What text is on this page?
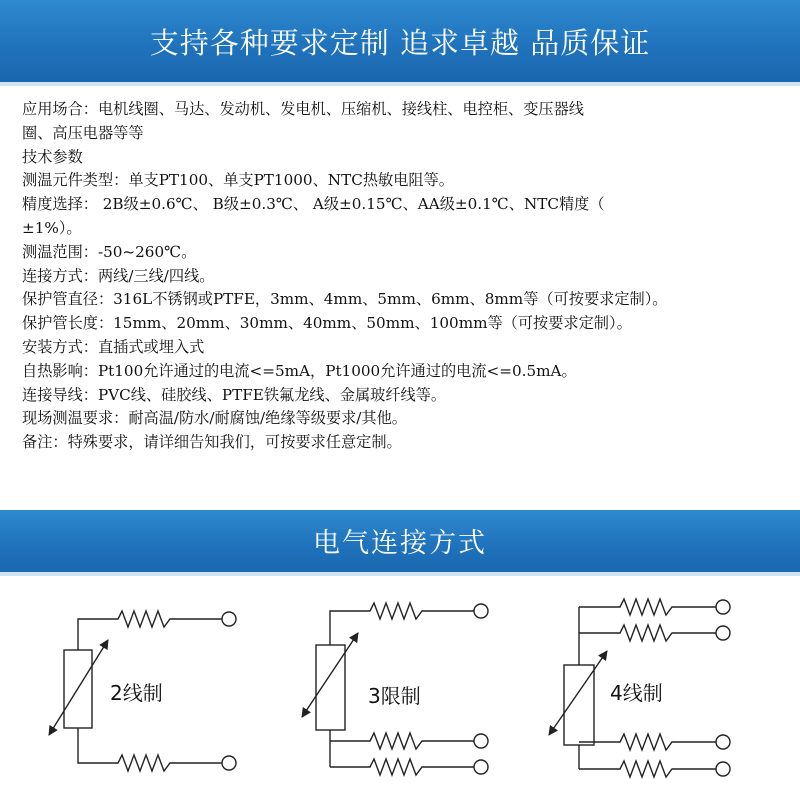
支持各种要求定制 追求卓越 品质保证
应用场合：电机线圈、马达、发动机、发电机、压缩机、接线柱、电控柜、变压器线
圈、高压电器等等
技术参数
测温元件类型：单支PT100、单支PT1000、NTC热敏电阻等。
精度选择： 2B级±0.6℃、 B级±0.3℃、 A级±0.15℃、AA级±0.1℃、NTC精度（
±1%）。
测温范围：-50~260℃。
连接方式：两线/三线/四线。
保护管直径：316L不锈钢或PTFE，3mm、4mm、5mm、6mm、8mm等（可按要求定制）。
保护管长度：15mm、20mm、30mm、40mm、50mm、100mm等（可按要求定制）。
安装方式：直插式或埋入式
自热影响：Pt100允许通过的电流<=5mA，Pt1000允许通过的电流<=0.5mA。
连接导线：PVC线、硅胶线、PTFE铁氟龙线、金属玻纤线等。
现场测温要求：耐高温/防水/耐腐蚀/绝缘等级要求/其他。
备注：特殊要求，请详细告知我们，可按要求任意定制。
电气连接方式
2线制	3限制	4线制
